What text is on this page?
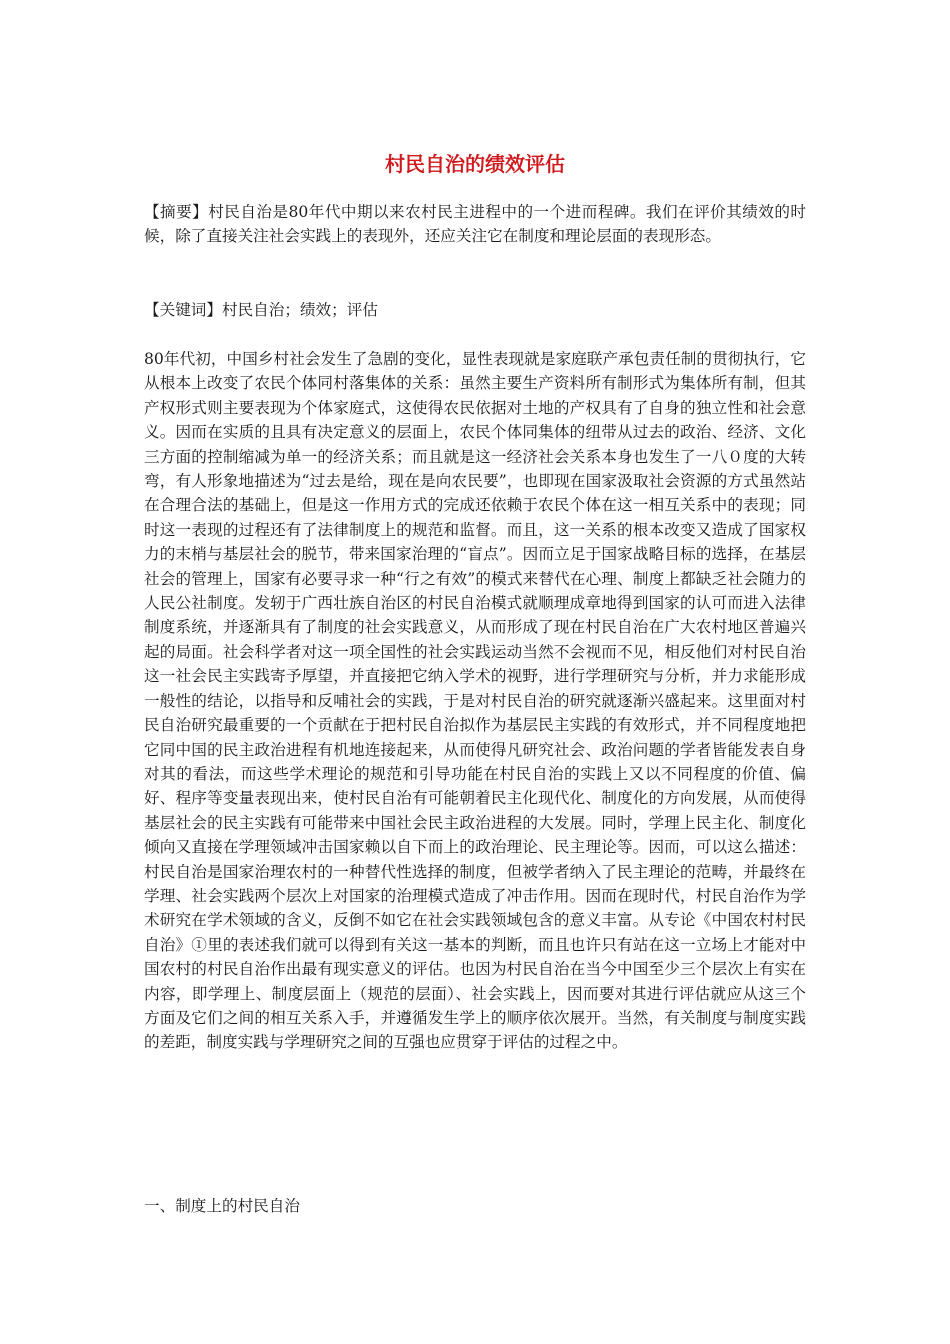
村民自治的绩效评估

【摘要】村民自治是80年代中期以来农村民主进程中的一个进而程碑。我们在评价其绩效的时候，除了直接关注社会实践上的表现外，还应关注它在制度和理论层面的表现形态。

【关键词】村民自治；绩效；评估

80年代初，中国乡村社会发生了急剧的变化，显性表现就是家庭联产承包责任制的贯彻执行，它从根本上改变了农民个体同村落集体的关系：虽然主要生产资料所有制形式为集体所有制，但其产权形式则主要表现为个体家庭式，这使得农民依据对土地的产权具有了自身的独立性和社会意义。因而在实质的且具有决定意义的层面上，农民个体同集体的纽带从过去的政治、经济、文化三方面的控制缩减为单一的经济关系；而且就是这一经济社会关系本身也发生了一八０度的大转弯，有人形象地描述为“过去是给，现在是向农民要”，也即现在国家汲取社会资源的方式虽然站在合理合法的基础上，但是这一作用方式的完成还依赖于农民个体在这一相互关系中的表现；同时这一表现的过程还有了法律制度上的规范和监督。而且，这一关系的根本改变又造成了国家权力的末梢与基层社会的脱节，带来国家治理的“盲点”。因而立足于国家战略目标的选择，在基层社会的管理上，国家有必要寻求一种“行之有效”的模式来替代在心理、制度上都缺乏社会随力的人民公社制度。发轫于广西壮族自治区的村民自治模式就顺理成章地得到国家的认可而进入法律制度系统，并逐渐具有了制度的社会实践意义，从而形成了现在村民自治在广大农村地区普遍兴起的局面。社会科学者对这一项全国性的社会实践运动当然不会视而不见，相反他们对村民自治这一社会民主实践寄予厚望，并直接把它纳入学术的视野，进行学理研究与分析，并力求能形成一般性的结论，以指导和反哺社会的实践，于是对村民自治的研究就逐渐兴盛起来。这里面对村民自治研究最重要的一个贡献在于把村民自治拟作为基层民主实践的有效形式，并不同程度地把它同中国的民主政治进程有机地连接起来，从而使得凡研究社会、政治问题的学者皆能发表自身对其的看法，而这些学术理论的规范和引导功能在村民自治的实践上又以不同程度的价值、偏好、程序等变量表现出来，使村民自治有可能朝着民主化现代化、制度化的方向发展，从而使得基层社会的民主实践有可能带来中国社会民主政治进程的大发展。同时，学理上民主化、制度化倾向又直接在学理领域冲击国家赖以自下而上的政治理论、民主理论等。因而，可以这么描述：村民自治是国家治理农村的一种替代性选择的制度，但被学者纳入了民主理论的范畴，并最终在学理、社会实践两个层次上对国家的治理模式造成了冲击作用。因而在现时代，村民自治作为学术研究在学术领域的含义，反倒不如它在社会实践领域包含的意义丰富。从专论《中国农村村民自治》①里的表述我们就可以得到有关这一基本的判断，而且也许只有站在这一立场上才能对中国农村的村民自治作出最有现实意义的评估。也因为村民自治在当今中国至少三个层次上有实在内容，即学理上、制度层面上（规范的层面）、社会实践上，因而要对其进行评估就应从这三个方面及它们之间的相互关系入手，并遵循发生学上的顺序依次展开。当然，有关制度与制度实践的差距，制度实践与学理研究之间的互强也应贯穿于评估的过程之中。

一、制度上的村民自治
